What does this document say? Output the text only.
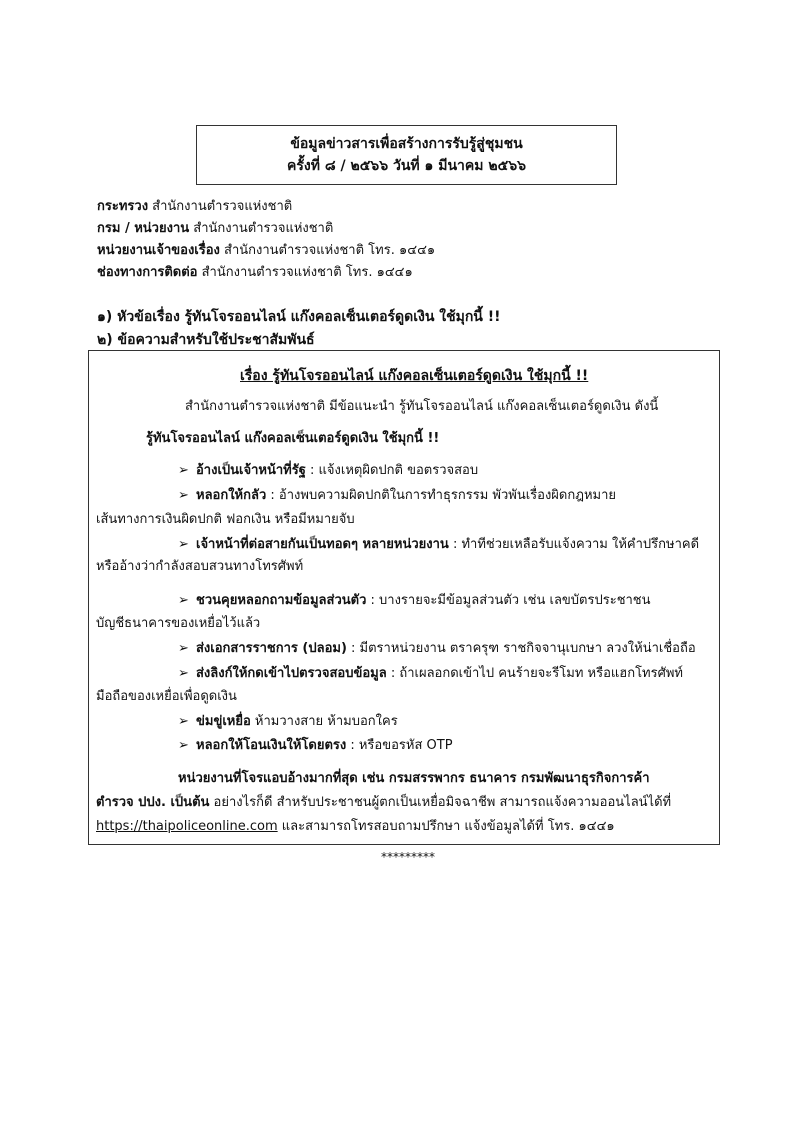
ข้อมูลข่าวสารเพื่อสร้างการรับรู้สู่ชุมชน
ครั้งที่ ๘ / ๒๕๖๖ วันที่ ๑ มีนาคม ๒๕๖๖
กระทรวง สำนักงานตำรวจแห่งชาติ
กรม / หน่วยงาน สำนักงานตำรวจแห่งชาติ
หน่วยงานเจ้าของเรื่อง สำนักงานตำรวจแห่งชาติ โทร. ๑๔๔๑
ช่องทางการติดต่อ สำนักงานตำรวจแห่งชาติ โทร. ๑๔๔๑
๑) หัวข้อเรื่อง รู้ทันโจรออนไลน์ แก๊งคอลเซ็นเตอร์ดูดเงิน ใช้มุกนี้ !!
๒) ข้อความสำหรับใช้ประชาสัมพันธ์
เรื่อง รู้ทันโจรออนไลน์ แก๊งคอลเซ็นเตอร์ดูดเงิน ใช้มุกนี้ !!
สำนักงานตำรวจแห่งชาติ มีข้อแนะนำ รู้ทันโจรออนไลน์ แก๊งคอลเซ็นเตอร์ดูดเงิน ดังนี้
รู้ทันโจรออนไลน์ แก๊งคอลเซ็นเตอร์ดูดเงิน ใช้มุกนี้ !!
➢ อ้างเป็นเจ้าหน้าที่รัฐ : แจ้งเหตุผิดปกติ ขอตรวจสอบ
➢ หลอกให้กลัว : อ้างพบความผิดปกติในการทำธุรกรรม พัวพันเรื่องผิดกฎหมาย
เส้นทางการเงินผิดปกติ ฟอกเงิน หรือมีหมายจับ
➢ เจ้าหน้าที่ต่อสายกันเป็นทอดๆ หลายหน่วยงาน : ทำทีช่วยเหลือรับแจ้งความ ให้คำปรึกษาคดี
หรืออ้างว่ากำลังสอบสวนทางโทรศัพท์
➢ ชวนคุยหลอกถามข้อมูลส่วนตัว : บางรายจะมีข้อมูลส่วนตัว เช่น เลขบัตรประชาชน
บัญชีธนาคารของเหยื่อไว้แล้ว
➢ ส่งเอกสารราชการ (ปลอม) : มีตราหน่วยงาน ตราครุฑ ราชกิจจานุเบกษา ลวงให้น่าเชื่อถือ
➢ ส่งลิงก์ให้กดเข้าไปตรวจสอบข้อมูล : ถ้าเผลอกดเข้าไป คนร้ายจะรีโมท หรือแฮกโทรศัพท์
มือถือของเหยื่อเพื่อดูดเงิน
➢ ข่มขู่เหยื่อ ห้ามวางสาย ห้ามบอกใคร
➢ หลอกให้โอนเงินให้โดยตรง : หรือขอรหัส OTP
หน่วยงานที่โจรแอบอ้างมากที่สุด เช่น กรมสรรพากร ธนาคาร กรมพัฒนาธุรกิจการค้า
ตำรวจ ปปง. เป็นต้น อย่างไรก็ดี สำหรับประชาชนผู้ตกเป็นเหยื่อมิจฉาชีพ สามารถแจ้งความออนไลน์ได้ที่
https://thaipoliceonline.com และสามารถโทรสอบถามปรึกษา แจ้งข้อมูลได้ที่ โทร. ๑๔๔๑
*********
